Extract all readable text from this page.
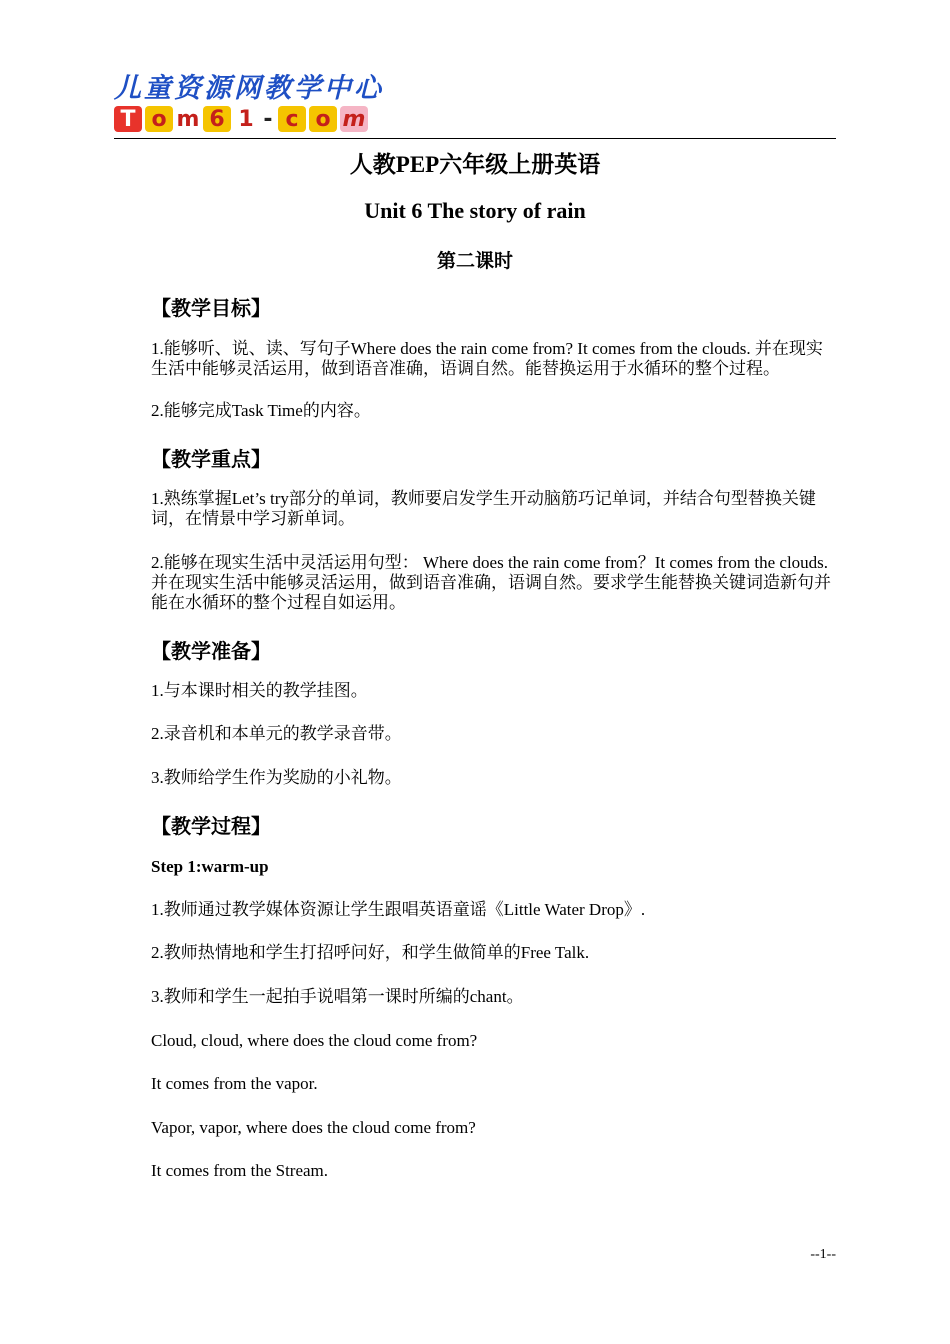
儿童资源网教学中心
T o m 6 1 - c o m
人教PEP六年级上册英语
Unit 6 The story of rain
第二课时
【教学目标】
1.能够听、说、读、写句子Where does the rain come from? It comes from the clouds. 并在现实生活中能够灵活运用，做到语音准确，语调自然。能替换运用于水循环的整个过程。
2.能够完成Task Time的内容。
【教学重点】
1.熟练掌握Let’s try部分的单词，教师要启发学生开动脑筋巧记单词，并结合句型替换关键词，在情景中学习新单词。
2.能够在现实生活中灵活运用句型： Where does the rain come from？It comes from the clouds.并在现实生活中能够灵活运用，做到语音准确，语调自然。要求学生能替换关键词造新句并能在水循环的整个过程自如运用。
【教学准备】
1.与本课时相关的教学挂图。
2.录音机和本单元的教学录音带。
3.教师给学生作为奖励的小礼物。
【教学过程】
Step 1:warm-up
1.教师通过教学媒体资源让学生跟唱英语童谣《Little Water Drop》.
2.教师热情地和学生打招呼问好，和学生做简单的Free Talk.
3.教师和学生一起拍手说唱第一课时所编的chant。
Cloud, cloud, where does the cloud come from?
It comes from the vapor.
Vapor, vapor, where does the cloud come from?
It comes from the Stream.
--1--
